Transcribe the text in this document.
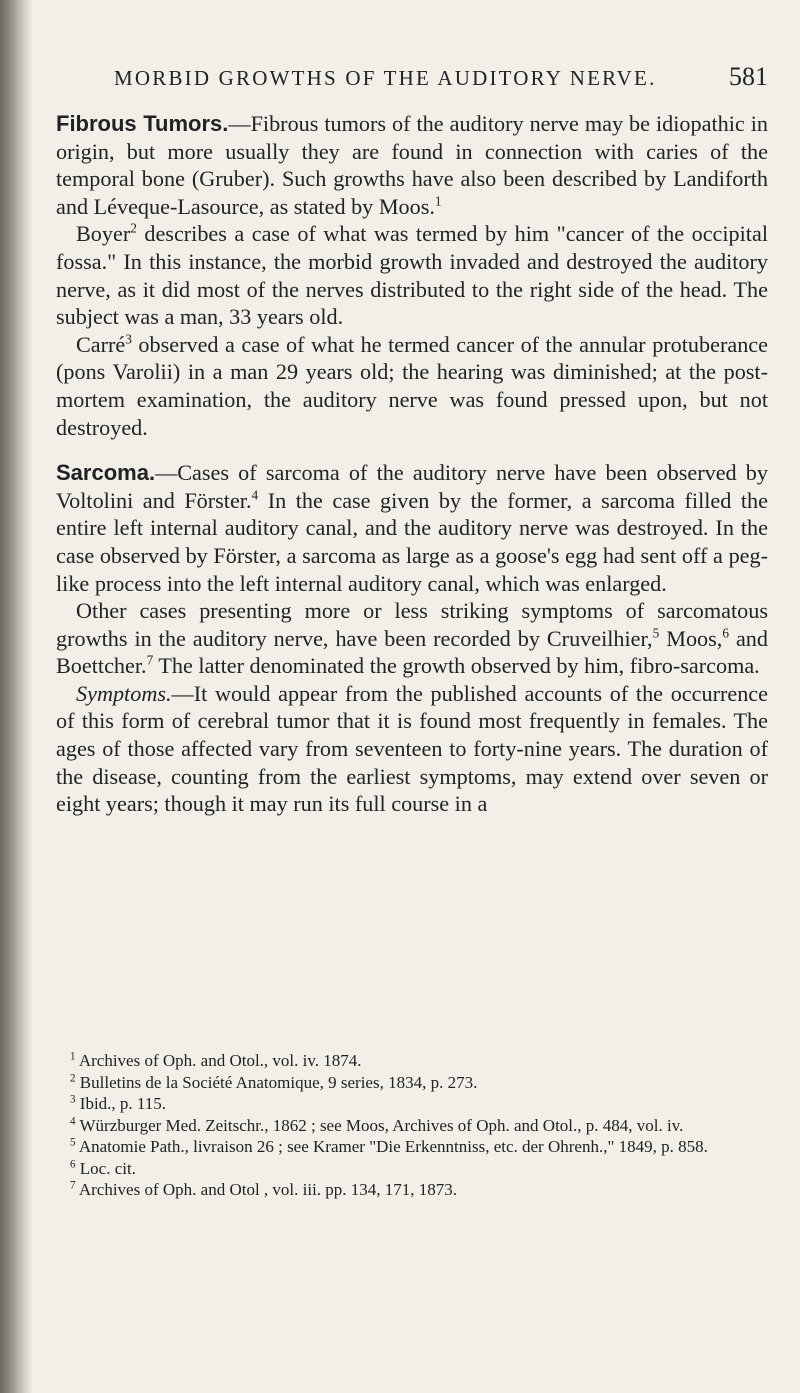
MORBID GROWTHS OF THE AUDITORY NERVE.	581

Fibrous Tumors.—Fibrous tumors of the auditory nerve may be idiopathic in origin, but more usually they are found in connection with caries of the temporal bone (Gruber). Such growths have also been described by Landiforth and Léveque-Lasource, as stated by Moos.$^1$

Boyer$^2$ describes a case of what was termed by him "cancer of the occipital fossa." In this instance, the morbid growth invaded and destroyed the auditory nerve, as it did most of the nerves distributed to the right side of the head. The subject was a man, 33 years old.

Carré$^3$ observed a case of what he termed cancer of the annular protuberance (pons Varolii) in a man 29 years old; the hearing was diminished; at the post-mortem examination, the auditory nerve was found pressed upon, but not destroyed.

Sarcoma.—Cases of sarcoma of the auditory nerve have been observed by Voltolini and Förster.$^4$ In the case given by the former, a sarcoma filled the entire left internal auditory canal, and the auditory nerve was destroyed. In the case observed by Förster, a sarcoma as large as a goose's egg had sent off a peg-like process into the left internal auditory canal, which was enlarged.

Other cases presenting more or less striking symptoms of sarcomatous growths in the auditory nerve, have been recorded by Cruveilhier,$^5$ Moos,$^6$ and Boettcher.$^7$ The latter denominated the growth observed by him, fibro-sarcoma.

Symptoms.—It would appear from the published accounts of the occurrence of this form of cerebral tumor that it is found most frequently in females. The ages of those affected vary from seventeen to forty-nine years. The duration of the disease, counting from the earliest symptoms, may extend over seven or eight years; though it may run its full course in a

$^1$ Archives of Oph. and Otol., vol. iv. 1874.

$^2$ Bulletins de la Société Anatomique, 9 series, 1834, p. 273.

$^3$ Ibid., p. 115.

$^4$ Würzburger Med. Zeitschr., 1862 ; see Moos, Archives of Oph. and Otol., p. 484, vol. iv.

$^5$ Anatomie Path., livraison 26 ; see Kramer "Die Erkenntniss, etc. der Ohrenh.," 1849, p. 858.

$^6$ Loc. cit.

$^7$ Archives of Oph. and Otol , vol. iii. pp. 134, 171, 1873.
